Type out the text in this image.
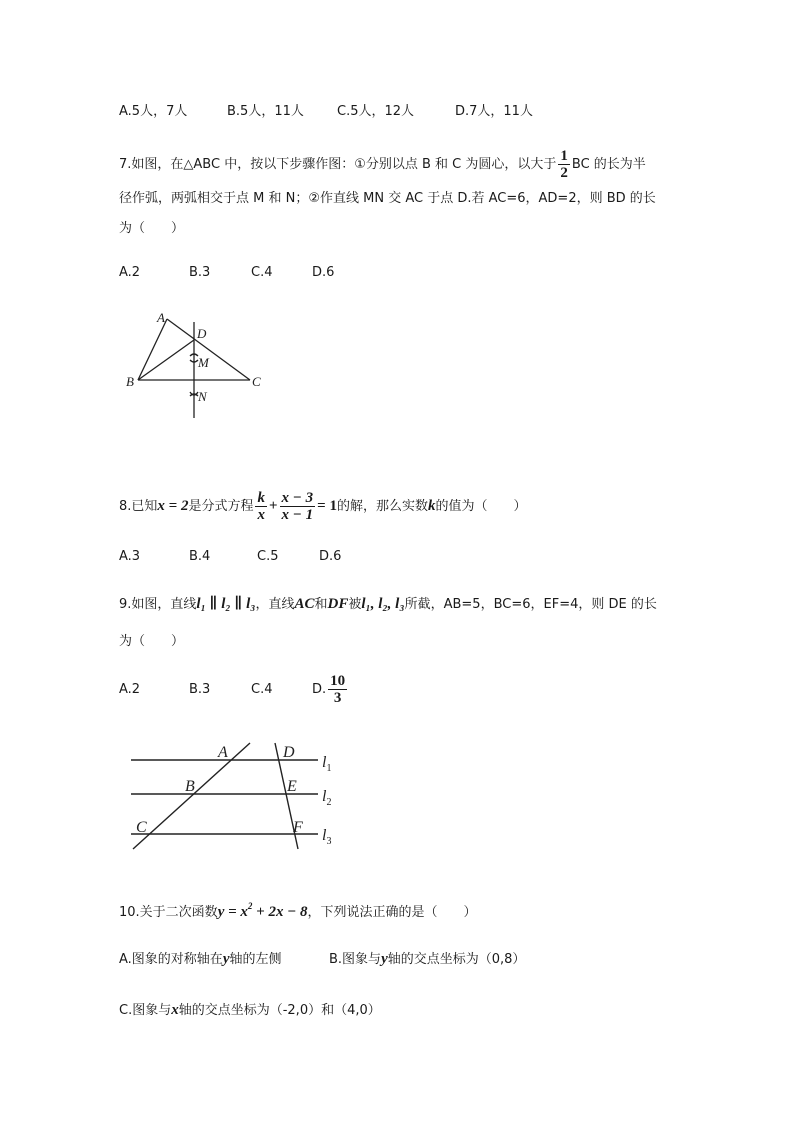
A.5人，7人	B.5人，11人	C.5人，12人	D.7人，11人
7.如图，在△ABC 中，按以下步骤作图：①分别以点 B 和 C 为圆心，以大于 $\frac{1}{2}$ BC 的长为半
径作弧，两弧相交于点 M 和 N；②作直线 MN 交 AC 于点 D.若 AC=6，AD=2，则 BD 的长
为（　　）
A.2	B.3	C.4	D.6
A
D
M
B	C
N
8.已知x = 2是分式方程 $\frac{k}{x} + \frac{x - 3}{x - 1} = 1$的解，那么实数k的值为（　　）
A.3	B.4	C.5	D.6
9.如图，直线l₁ ∥ l₂ ∥ l₃，直线AC和DF被l₁, l₂, l₃所截，AB=5，BC=6，EF=4，则 DE 的长
为（　　）
A.2	B.3	C.4	D. $\frac{10}{3}$
A	D
B	E
C	F
$l_1$
$l_2$
$l_3$
10.关于二次函数$y = x^2 + 2x - 8$，下列说法正确的是（　　）
A.图象的对称轴在y轴的左侧	B.图象与y轴的交点坐标为（0,8）
C.图象与x轴的交点坐标为（-2,0）和（4,0）
